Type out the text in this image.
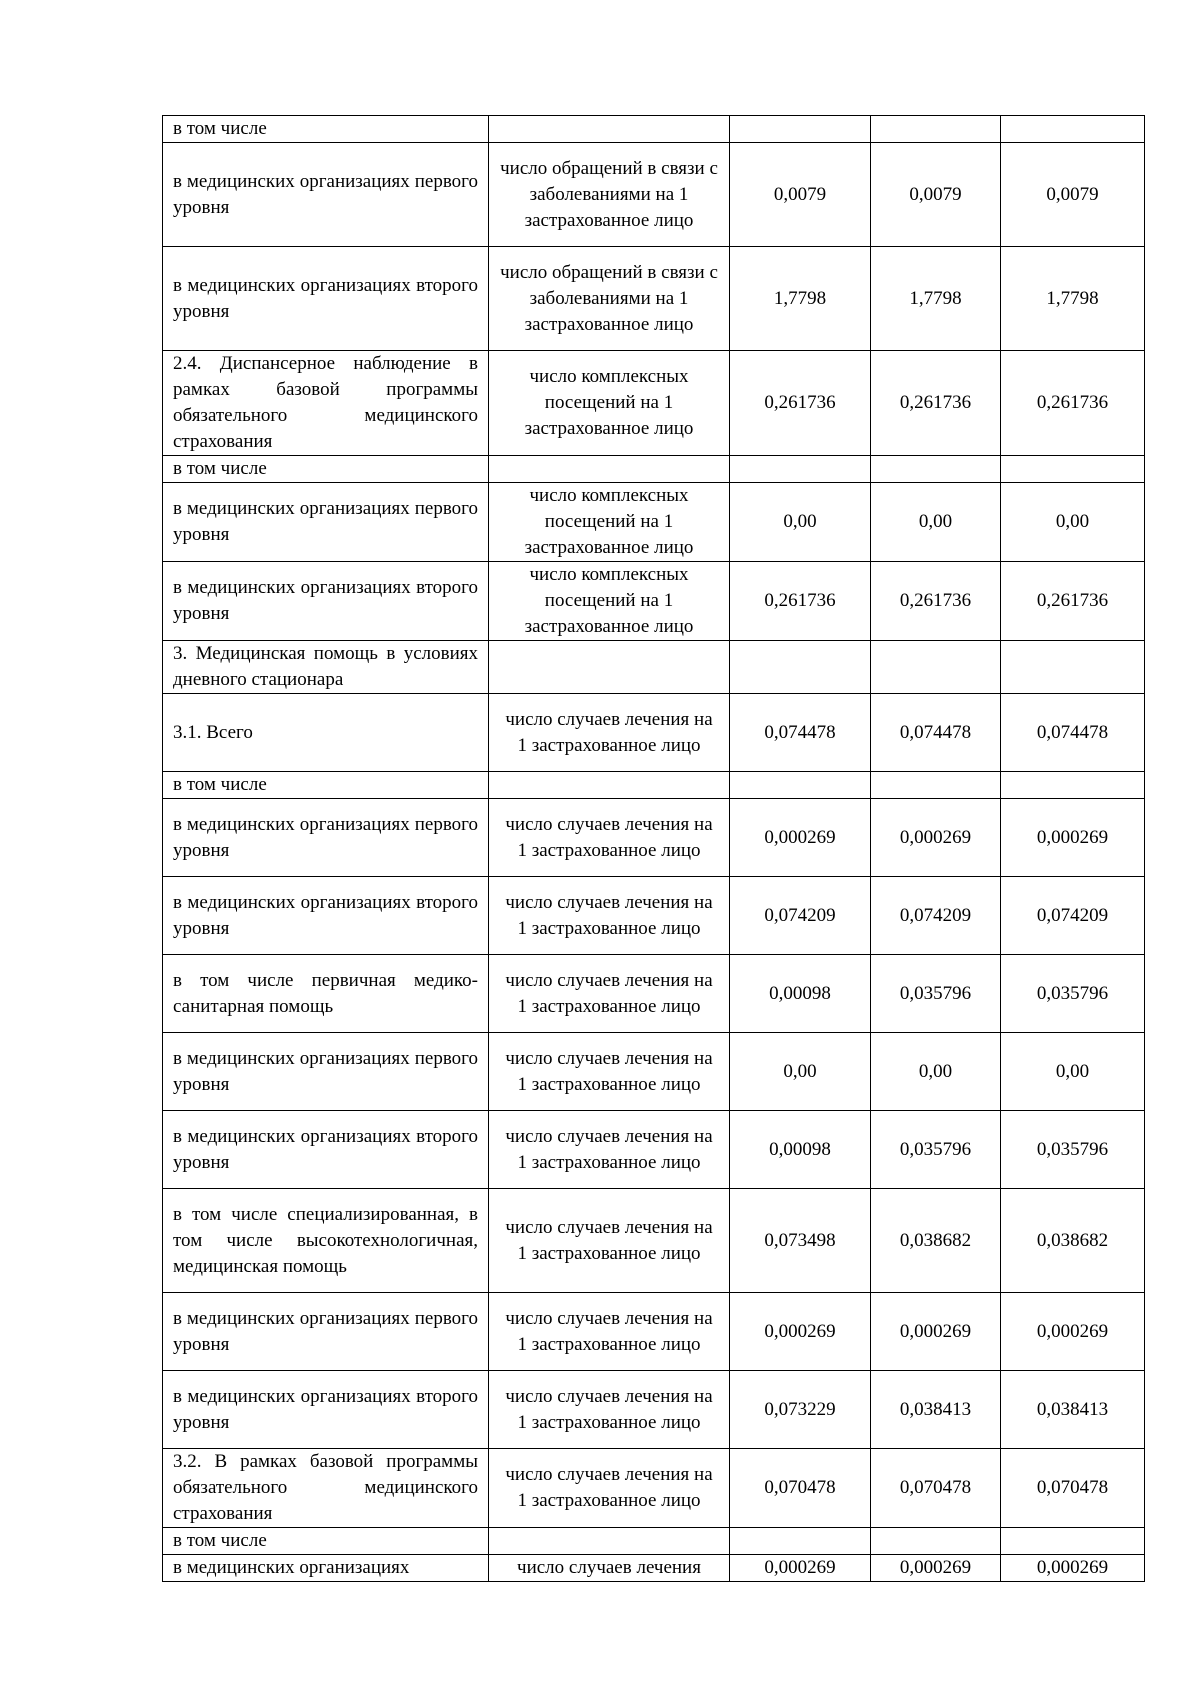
в том числе				
в медицинских организациях первого уровня	число обращений в связи с заболеваниями на 1 застрахованное лицо	0,0079	0,0079	0,0079
в медицинских организациях второго уровня	число обращений в связи с заболеваниями на 1 застрахованное лицо	1,7798	1,7798	1,7798
2.4. Диспансерное наблюдение в рамках базовой программы обязательного медицинского страхования	число комплексных посещений на 1 застрахованное лицо	0,261736	0,261736	0,261736
в том числе				
в медицинских организациях первого уровня	число комплексных посещений на 1 застрахованное лицо	0,00	0,00	0,00
в медицинских организациях второго уровня	число комплексных посещений на 1 застрахованное лицо	0,261736	0,261736	0,261736
3. Медицинская помощь в условиях дневного стационара				
3.1. Всего	число случаев лечения на 1 застрахованное лицо	0,074478	0,074478	0,074478
в том числе				
в медицинских организациях первого уровня	число случаев лечения на 1 застрахованное лицо	0,000269	0,000269	0,000269
в медицинских организациях второго уровня	число случаев лечения на 1 застрахованное лицо	0,074209	0,074209	0,074209
в том числе первичная медико-санитарная помощь	число случаев лечения на 1 застрахованное лицо	0,00098	0,035796	0,035796
в медицинских организациях первого уровня	число случаев лечения на 1 застрахованное лицо	0,00	0,00	0,00
в медицинских организациях второго уровня	число случаев лечения на 1 застрахованное лицо	0,00098	0,035796	0,035796
в том числе специализированная, в том числе высокотехнологичная, медицинская помощь	число случаев лечения на 1 застрахованное лицо	0,073498	0,038682	0,038682
в медицинских организациях первого уровня	число случаев лечения на 1 застрахованное лицо	0,000269	0,000269	0,000269
в медицинских организациях второго уровня	число случаев лечения на 1 застрахованное лицо	0,073229	0,038413	0,038413
3.2. В рамках базовой программы обязательного медицинского страхования	число случаев лечения на 1 застрахованное лицо	0,070478	0,070478	0,070478
в том числе				
в медицинских организациях	число случаев лечения	0,000269	0,000269	0,000269
